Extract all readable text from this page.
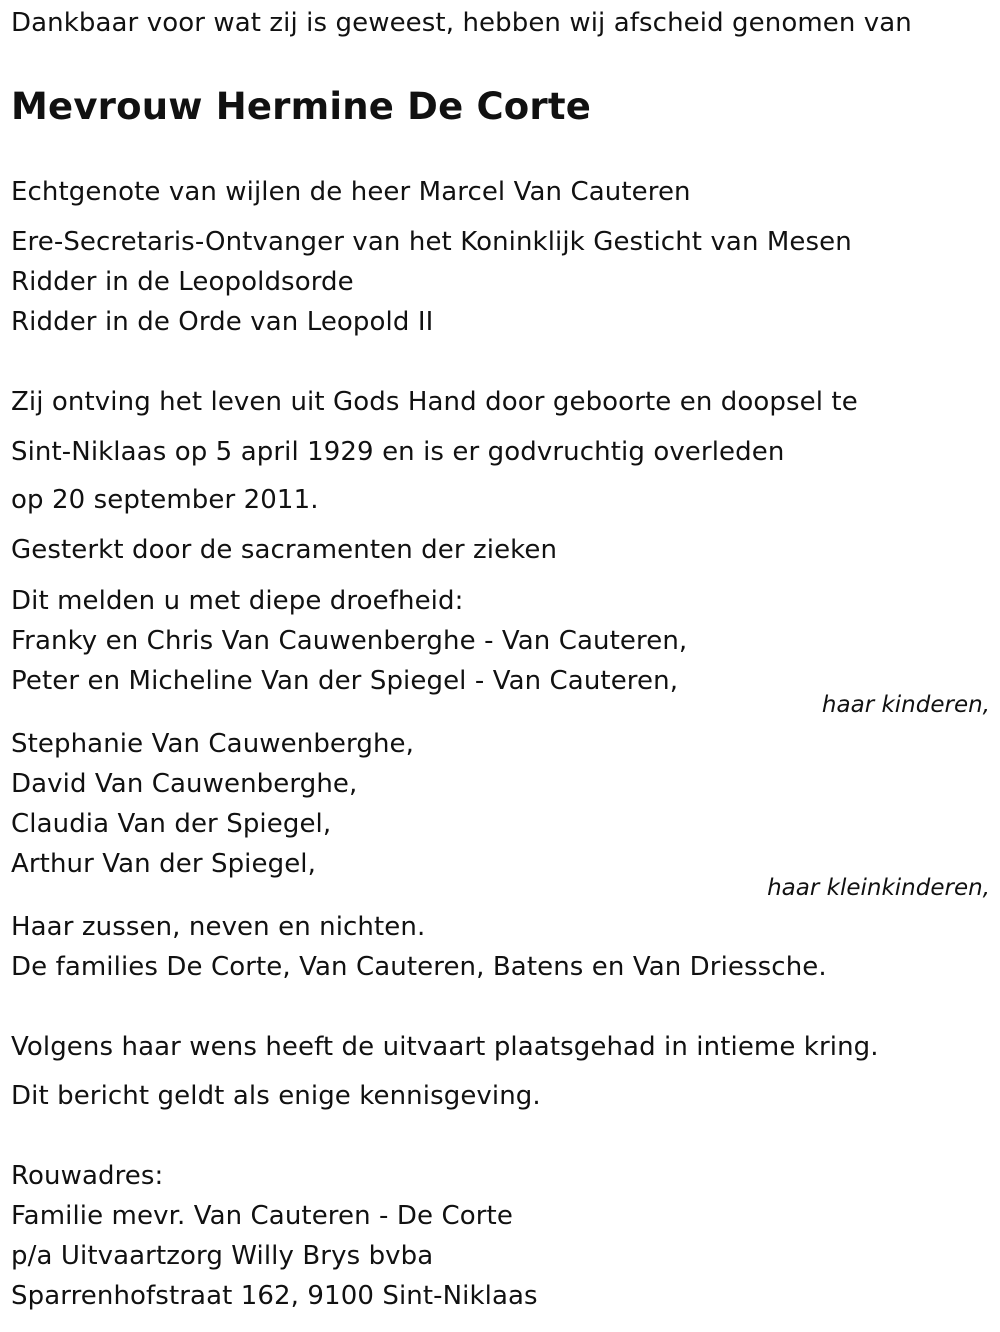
Dankbaar voor wat zij is geweest, hebben wij afscheid genomen van
Mevrouw Hermine De Corte
Echtgenote van wijlen de heer Marcel Van Cauteren
Ere-Secretaris-Ontvanger van het Koninklijk Gesticht van Mesen
Ridder in de Leopoldsorde
Ridder in de Orde van Leopold II
Zij ontving het leven uit Gods Hand door geboorte en doopsel te
Sint-Niklaas op 5 april 1929 en is er godvruchtig overleden
op 20 september 2011.
Gesterkt door de sacramenten der zieken
Dit melden u met diepe droefheid:
Franky en Chris Van Cauwenberghe - Van Cauteren,
Peter en Micheline Van der Spiegel - Van Cauteren,
haar kinderen,
Stephanie Van Cauwenberghe,
David Van Cauwenberghe,
Claudia Van der Spiegel,
Arthur Van der Spiegel,
haar kleinkinderen,
Haar zussen, neven en nichten.
De families De Corte, Van Cauteren, Batens en Van Driessche.
Volgens haar wens heeft de uitvaart plaatsgehad in intieme kring.
Dit bericht geldt als enige kennisgeving.
Rouwadres:
Familie mevr. Van Cauteren - De Corte
p/a Uitvaartzorg Willy Brys bvba
Sparrenhofstraat 162, 9100 Sint-Niklaas
